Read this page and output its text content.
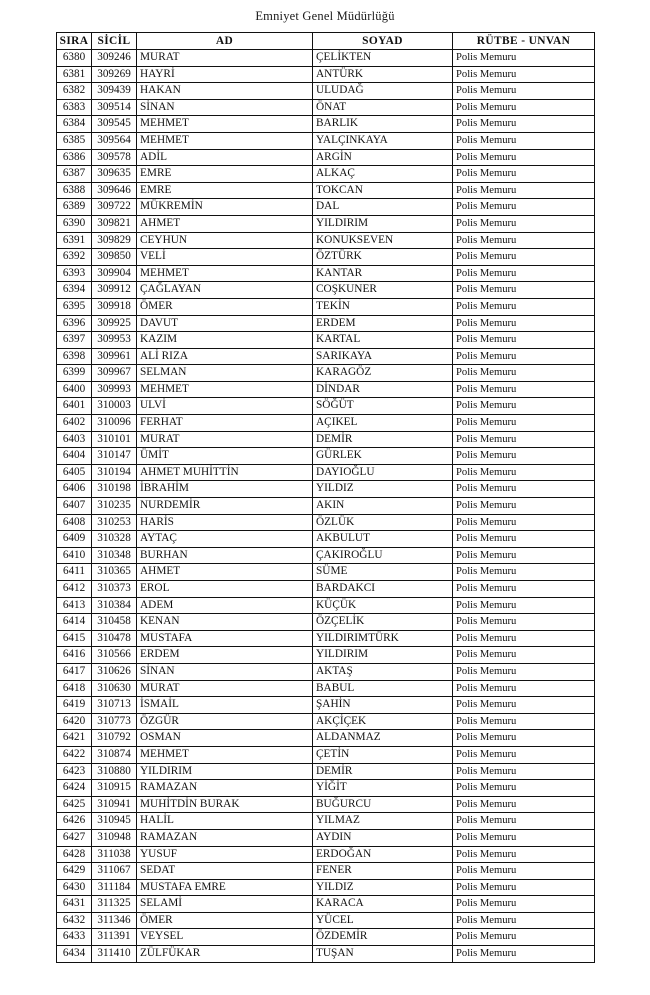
Emniyet Genel Müdürlüğü
SIRA	SİCİL	AD	SOYAD	RÜTBE - UNVAN
6380	309246	MURAT	ÇELİKTEN	Polis Memuru
6381	309269	HAYRİ	ANTÜRK	Polis Memuru
6382	309439	HAKAN	ULUDAĞ	Polis Memuru
6383	309514	SİNAN	ÖNAT	Polis Memuru
6384	309545	MEHMET	BARLIK	Polis Memuru
6385	309564	MEHMET	YALÇINKAYA	Polis Memuru
6386	309578	ADİL	ARGİN	Polis Memuru
6387	309635	EMRE	ALKAÇ	Polis Memuru
6388	309646	EMRE	TOKCAN	Polis Memuru
6389	309722	MÜKREMİN	DAL	Polis Memuru
6390	309821	AHMET	YILDIRIM	Polis Memuru
6391	309829	CEYHUN	KONUKSEVEN	Polis Memuru
6392	309850	VELİ	ÖZTÜRK	Polis Memuru
6393	309904	MEHMET	KANTAR	Polis Memuru
6394	309912	ÇAĞLAYAN	COŞKUNER	Polis Memuru
6395	309918	ÖMER	TEKİN	Polis Memuru
6396	309925	DAVUT	ERDEM	Polis Memuru
6397	309953	KAZIM	KARTAL	Polis Memuru
6398	309961	ALİ RIZA	SARIKAYA	Polis Memuru
6399	309967	SELMAN	KARAGÖZ	Polis Memuru
6400	309993	MEHMET	DİNDAR	Polis Memuru
6401	310003	ULVİ	SÖĞÜT	Polis Memuru
6402	310096	FERHAT	AÇIKEL	Polis Memuru
6403	310101	MURAT	DEMİR	Polis Memuru
6404	310147	ÜMİT	GÜRLEK	Polis Memuru
6405	310194	AHMET MUHİTTİN	DAYIOĞLU	Polis Memuru
6406	310198	İBRAHİM	YILDIZ	Polis Memuru
6407	310235	NURDEMİR	AKIN	Polis Memuru
6408	310253	HARİS	ÖZLÜK	Polis Memuru
6409	310328	AYTAÇ	AKBULUT	Polis Memuru
6410	310348	BURHAN	ÇAKIROĞLU	Polis Memuru
6411	310365	AHMET	SÜME	Polis Memuru
6412	310373	EROL	BARDAKCI	Polis Memuru
6413	310384	ADEM	KÜÇÜK	Polis Memuru
6414	310458	KENAN	ÖZÇELİK	Polis Memuru
6415	310478	MUSTAFA	YILDIRIMTÜRK	Polis Memuru
6416	310566	ERDEM	YILDIRIM	Polis Memuru
6417	310626	SİNAN	AKTAŞ	Polis Memuru
6418	310630	MURAT	BABUL	Polis Memuru
6419	310713	İSMAİL	ŞAHİN	Polis Memuru
6420	310773	ÖZGÜR	AKÇİÇEK	Polis Memuru
6421	310792	OSMAN	ALDANMAZ	Polis Memuru
6422	310874	MEHMET	ÇETİN	Polis Memuru
6423	310880	YILDIRIM	DEMİR	Polis Memuru
6424	310915	RAMAZAN	YİĞİT	Polis Memuru
6425	310941	MUHİTDİN BURAK	BUĞURCU	Polis Memuru
6426	310945	HALİL	YILMAZ	Polis Memuru
6427	310948	RAMAZAN	AYDIN	Polis Memuru
6428	311038	YUSUF	ERDOĞAN	Polis Memuru
6429	311067	SEDAT	FENER	Polis Memuru
6430	311184	MUSTAFA EMRE	YILDIZ	Polis Memuru
6431	311325	SELAMİ	KARACA	Polis Memuru
6432	311346	ÖMER	YÜCEL	Polis Memuru
6433	311391	VEYSEL	ÖZDEMİR	Polis Memuru
6434	311410	ZÜLFÜKAR	TUŞAN	Polis Memuru
